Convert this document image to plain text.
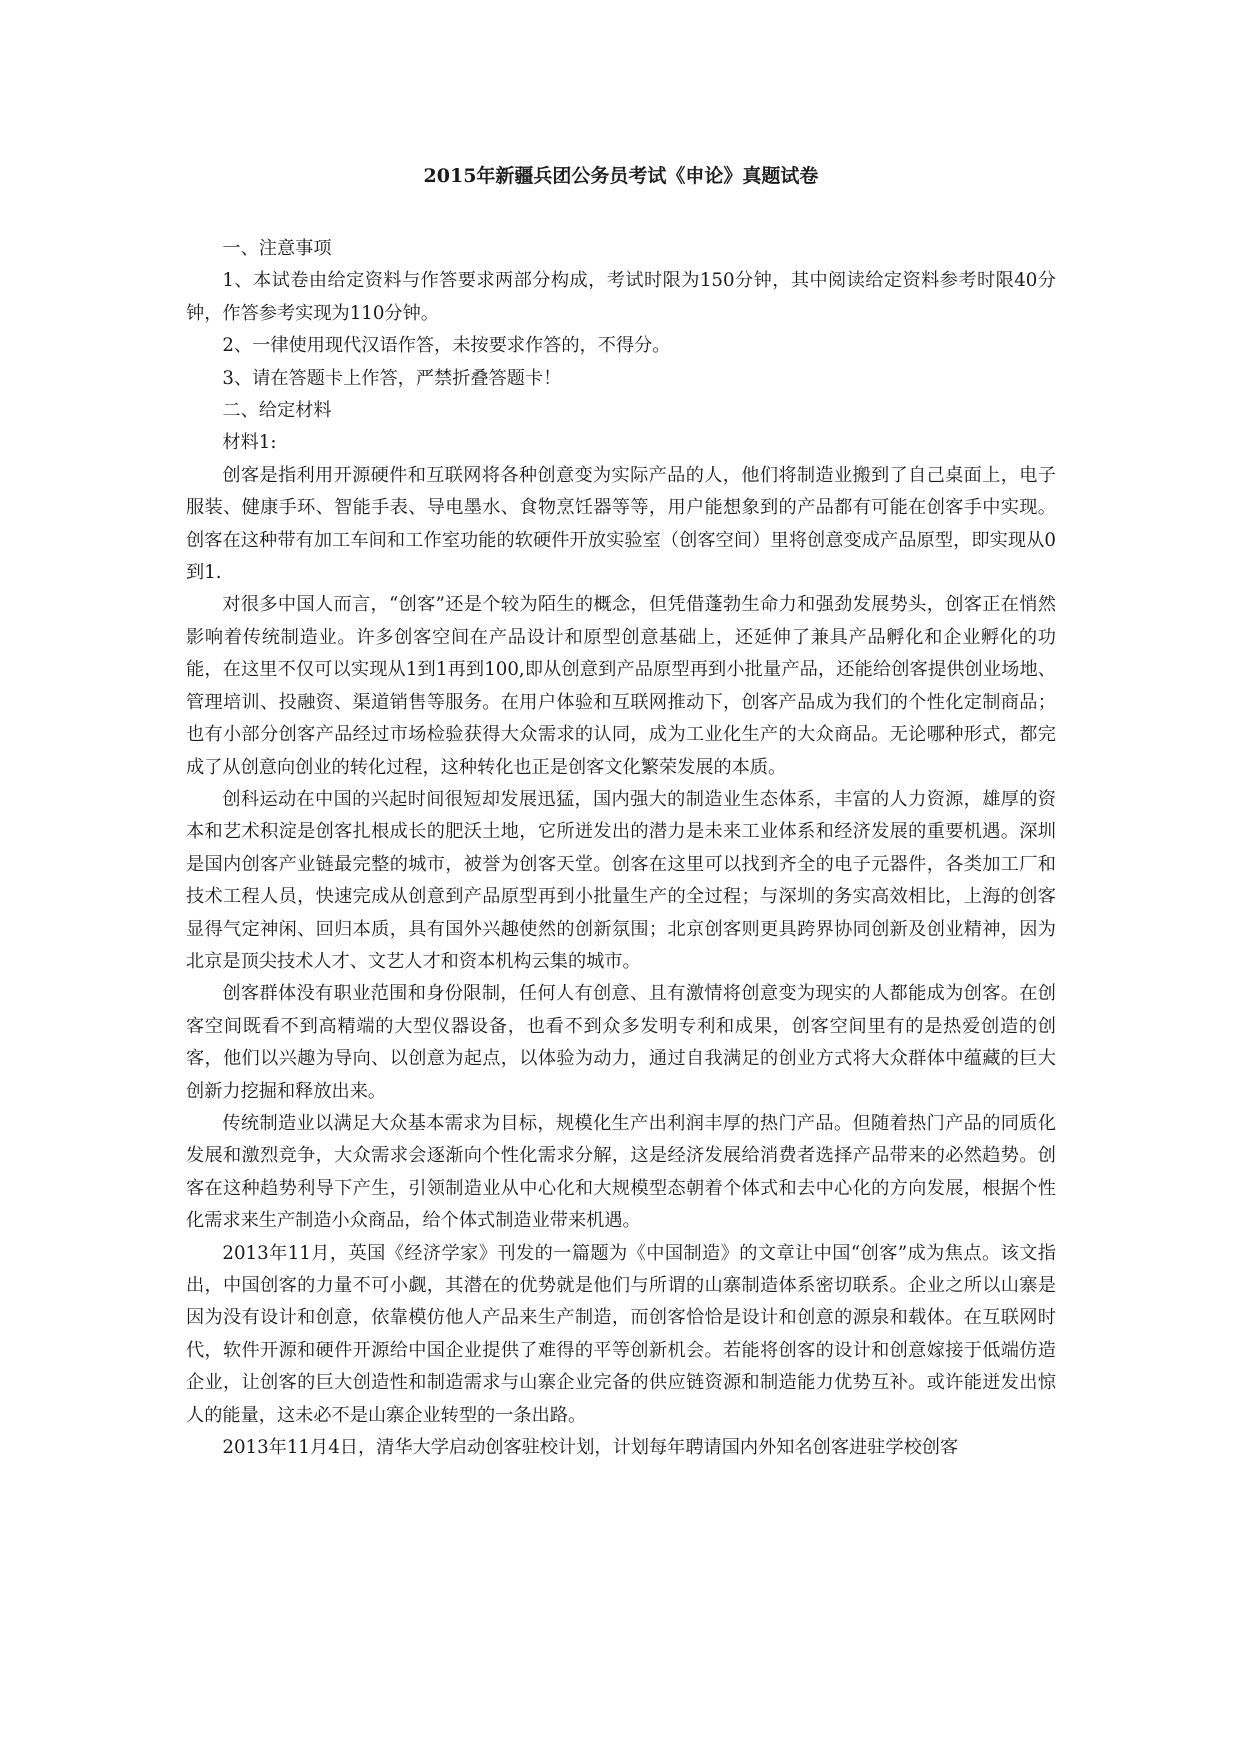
2015年新疆兵团公务员考试《申论》真题试卷

一、注意事项

1、本试卷由给定资料与作答要求两部分构成，考试时限为150分钟，其中阅读给定资料参考时限40分钟，作答参考实现为110分钟。

2、一律使用现代汉语作答，未按要求作答的，不得分。

3、请在答题卡上作答，严禁折叠答题卡！

二、给定材料

材料1:

创客是指利用开源硬件和互联网将各种创意变为实际产品的人，他们将制造业搬到了自己桌面上，电子服装、健康手环、智能手表、导电墨水、食物烹饪器等等，用户能想象到的产品都有可能在创客手中实现。创客在这种带有加工车间和工作室功能的软硬件开放实验室（创客空间）里将创意变成产品原型，即实现从0到1.

对很多中国人而言，“创客”还是个较为陌生的概念，但凭借蓬勃生命力和强劲发展势头，创客正在悄然影响着传统制造业。许多创客空间在产品设计和原型创意基础上，还延伸了兼具产品孵化和企业孵化的功能，在这里不仅可以实现从1到1再到100,即从创意到产品原型再到小批量产品，还能给创客提供创业场地、管理培训、投融资、渠道销售等服务。在用户体验和互联网推动下，创客产品成为我们的个性化定制商品；也有小部分创客产品经过市场检验获得大众需求的认同，成为工业化生产的大众商品。无论哪种形式，都完成了从创意向创业的转化过程，这种转化也正是创客文化繁荣发展的本质。

创科运动在中国的兴起时间很短却发展迅猛，国内强大的制造业生态体系，丰富的人力资源，雄厚的资本和艺术积淀是创客扎根成长的肥沃土地，它所迸发出的潜力是未来工业体系和经济发展的重要机遇。深圳是国内创客产业链最完整的城市，被誉为创客天堂。创客在这里可以找到齐全的电子元器件，各类加工厂和技术工程人员，快速完成从创意到产品原型再到小批量生产的全过程；与深圳的务实高效相比，上海的创客显得气定神闲、回归本质，具有国外兴趣使然的创新氛围；北京创客则更具跨界协同创新及创业精神，因为北京是顶尖技术人才、文艺人才和资本机构云集的城市。

创客群体没有职业范围和身份限制，任何人有创意、且有激情将创意变为现实的人都能成为创客。在创客空间既看不到高精端的大型仪器设备，也看不到众多发明专利和成果，创客空间里有的是热爱创造的创客，他们以兴趣为导向、以创意为起点，以体验为动力，通过自我满足的创业方式将大众群体中蕴藏的巨大创新力挖掘和释放出来。

传统制造业以满足大众基本需求为目标，规模化生产出利润丰厚的热门产品。但随着热门产品的同质化发展和激烈竞争，大众需求会逐渐向个性化需求分解，这是经济发展给消费者选择产品带来的必然趋势。创客在这种趋势利导下产生，引领制造业从中心化和大规模型态朝着个体式和去中心化的方向发展，根据个性化需求来生产制造小众商品，给个体式制造业带来机遇。

2013年11月，英国《经济学家》刊发的一篇题为《中国制造》的文章让中国“创客”成为焦点。该文指出，中国创客的力量不可小觑，其潜在的优势就是他们与所谓的山寨制造体系密切联系。企业之所以山寨是因为没有设计和创意，依靠模仿他人产品来生产制造，而创客恰恰是设计和创意的源泉和载体。在互联网时代，软件开源和硬件开源给中国企业提供了难得的平等创新机会。若能将创客的设计和创意嫁接于低端仿造企业，让创客的巨大创造性和制造需求与山寨企业完备的供应链资源和制造能力优势互补。或许能迸发出惊人的能量，这未必不是山寨企业转型的一条出路。

2013年11月4日，清华大学启动创客驻校计划，计划每年聘请国内外知名创客进驻学校创客
